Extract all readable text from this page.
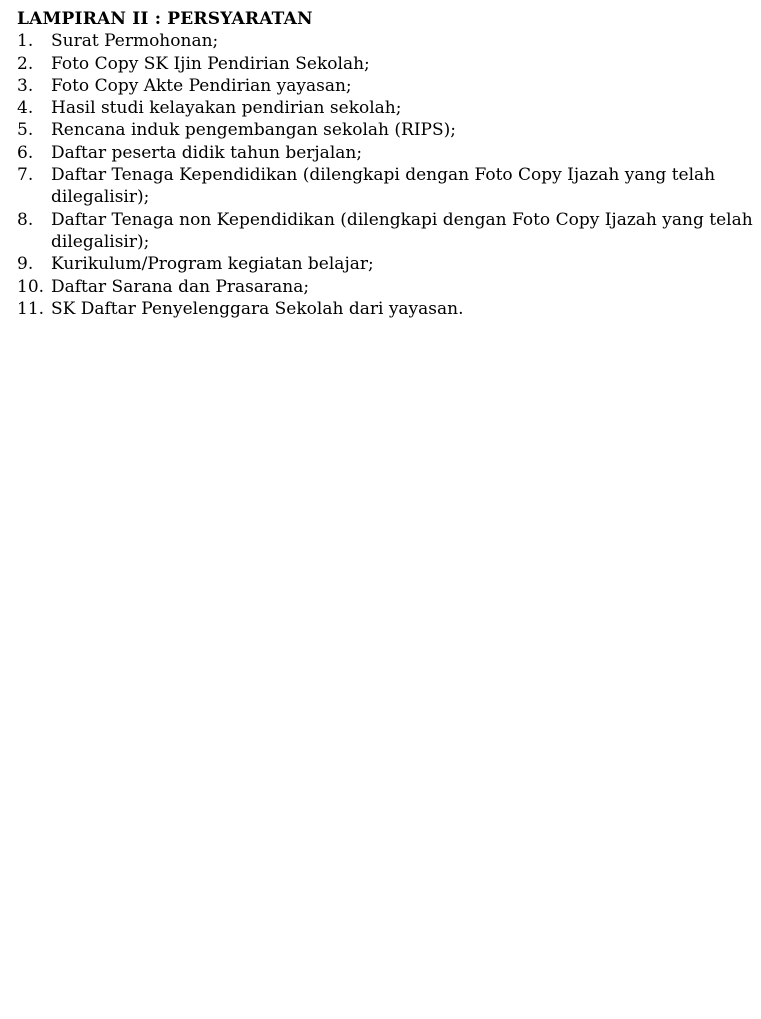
LAMPIRAN II : PERSYARATAN
1.	Surat Permohonan;
2.	Foto Copy SK Ijin Pendirian Sekolah;
3.	Foto Copy Akte Pendirian yayasan;
4.	Hasil studi kelayakan pendirian sekolah;
5.	Rencana induk pengembangan sekolah (RIPS);
6.	Daftar peserta didik tahun berjalan;
7.	Daftar Tenaga Kependidikan (dilengkapi dengan Foto Copy Ijazah yang telah dilegalisir);
8.	Daftar Tenaga non Kependidikan (dilengkapi dengan Foto Copy Ijazah yang telah dilegalisir);
9.	Kurikulum/Program kegiatan belajar;
10. Daftar Sarana dan Prasarana;
11. SK Daftar Penyelenggara Sekolah dari yayasan.
